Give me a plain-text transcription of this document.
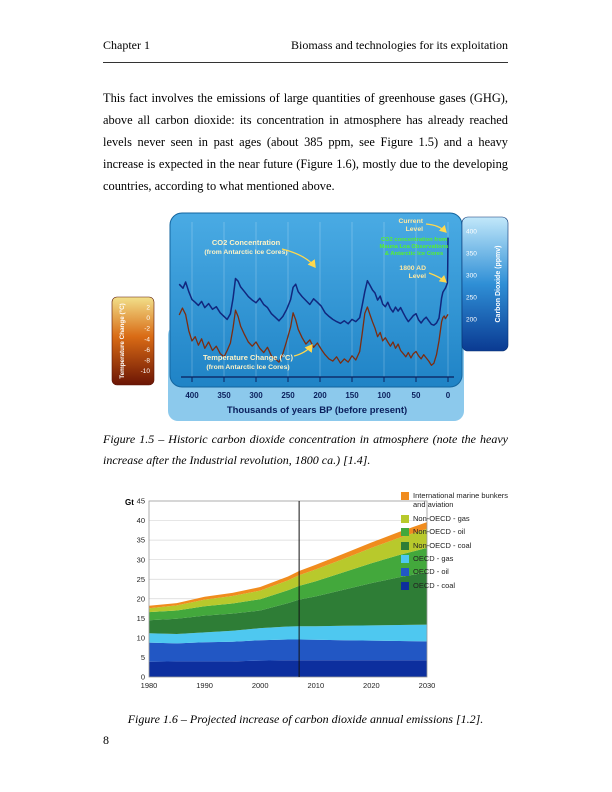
Chapter 1	Biomass and technologies for its exploitation

This fact involves the emissions of large quantities of greenhouse gases (GHG), above all carbon dioxide: its concentration in atmosphere has already reached levels never seen in past ages (about 385 ppm, see Figure 1.5) and a heavy increase is expected in the near future (Figure 1.6), mostly due to the developing countries, according to what mentioned above.

400 350 300 250 200 150 100	50	0
Temperature Change (°C)	2
0
-2
-4
-6
-8
-10
Carbon Dioxide (ppmv)
400
350
300
250
200
CO2 Concentration
(from Antarctic Ice Cores)
Temperature Change (°C)
(from Antarctic Ice Cores)
Current
Level
CO2 concentration from
Mauna Loa Observations
& Antarctic Ice Cores
1800 AD
Level
Thousands of years BP (before present)

Figure 1.5 – Historic carbon dioxide concentration in atmosphere (note the heavy increase after the Industrial revolution, 1800 ca.) [1.4].

0
5
10
15
20
25
30
35
40
45
1980	1990	2000	2010	2020	2030
Gt
International marine bunkers and aviation
Non-OECD - gas
Non-OECD - oil
Non-OECD - coal
OECD - gas
OECD - oil
OECD - coal

Figure 1.6 – Projected increase of carbon dioxide annual emissions [1.2].

8
